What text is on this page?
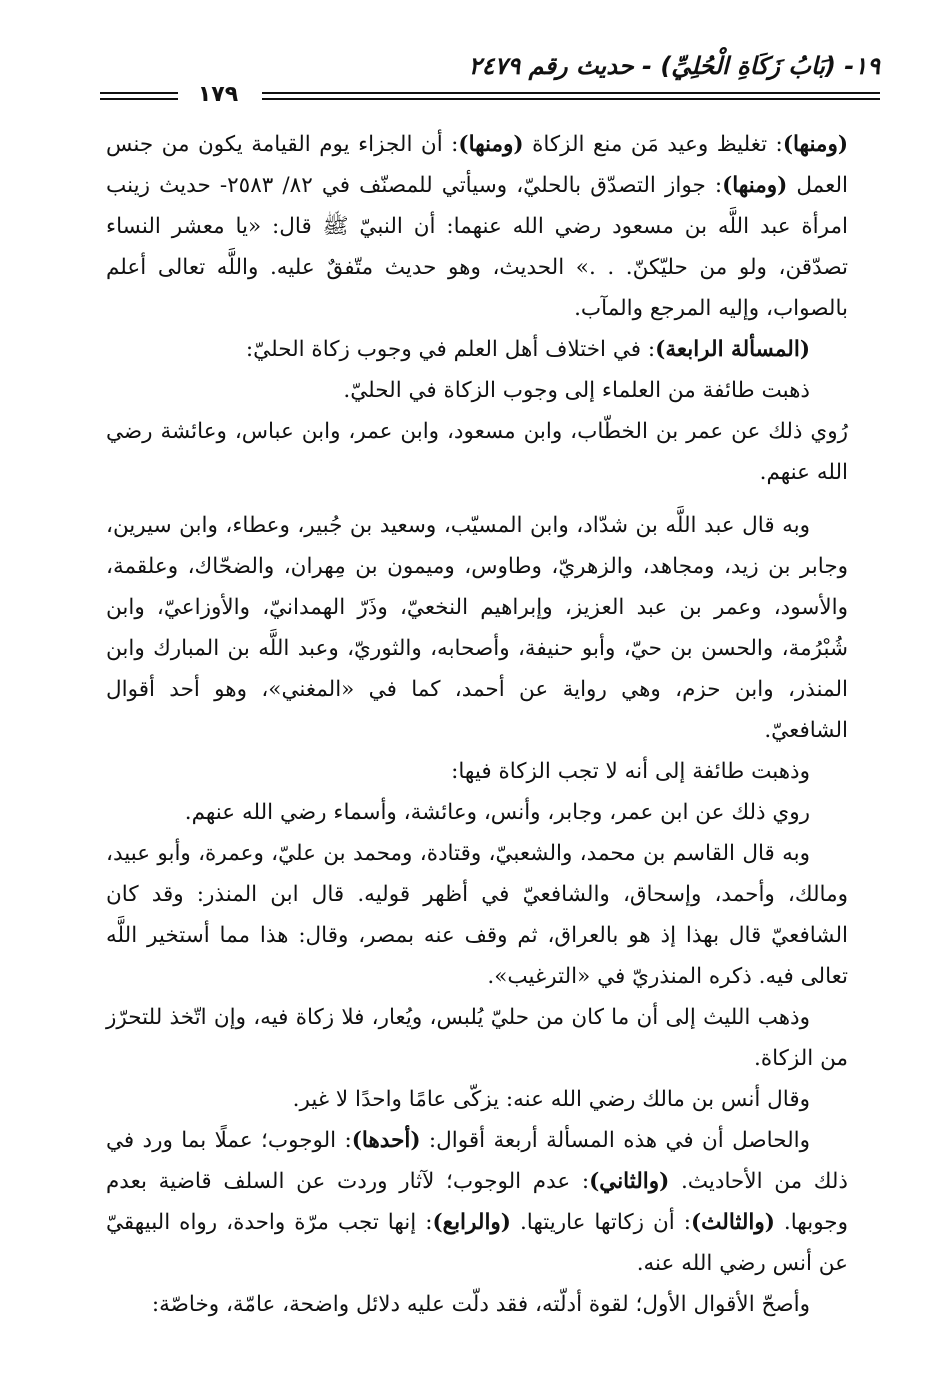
١٩- (بَابُ زَكَاةِ الْحُلِيِّ) - حديث رقم ٢٤٧٩
١٧٩

(ومنها): تغليظ وعيد مَن منع الزكاة (ومنها): أن الجزاء يوم القيامة يكون من جنس العمل (ومنها): جواز التصدّق بالحليّ، وسيأتي للمصنّف في ٨٢/ ٢٥٨٣- حديث زينب امرأة عبد اللَّه بن مسعود رضي الله عنهما: أن النبيّ ﷺ قال: «يا معشر النساء تصدّقن، ولو من حليّكنّ. . .» الحديث، وهو حديث متّفقٌ عليه. واللَّه تعالى أعلم بالصواب، وإليه المرجع والمآب.

(المسألة الرابعة): في اختلاف أهل العلم في وجوب زكاة الحليّ:

ذهبت طائفة من العلماء إلى وجوب الزكاة في الحليّ.

رُوي ذلك عن عمر بن الخطّاب، وابن مسعود، وابن عمر، وابن عباس، وعائشة رضي الله عنهم.

وبه قال عبد اللَّه بن شدّاد، وابن المسيّب، وسعيد بن جُبير، وعطاء، وابن سيرين، وجابر بن زيد، ومجاهد، والزهريّ، وطاوس، وميمون بن مِهران، والضحّاك، وعلقمة، والأسود، وعمر بن عبد العزيز، وإبراهيم النخعيّ، وذَرّ الهمدانيّ، والأوزاعيّ، وابن شُبْرُمة، والحسن بن حيّ، وأبو حنيفة، وأصحابه، والثوريّ، وعبد اللَّه بن المبارك وابن المنذر، وابن حزم، وهي رواية عن أحمد، كما في «المغني»، وهو أحد أقوال الشافعيّ.

وذهبت طائفة إلى أنه لا تجب الزكاة فيها:

روي ذلك عن ابن عمر، وجابر، وأنس، وعائشة، وأسماء رضي الله عنهم.

وبه قال القاسم بن محمد، والشعبيّ، وقتادة، ومحمد بن عليّ، وعمرة، وأبو عبيد، ومالك، وأحمد، وإسحاق، والشافعيّ في أظهر قوليه. قال ابن المنذر: وقد كان الشافعيّ قال بهذا إذ هو بالعراق، ثم وقف عنه بمصر، وقال: هذا مما أستخير اللَّه تعالى فيه. ذكره المنذريّ في «الترغيب».

وذهب الليث إلى أن ما كان من حليّ يُلبس، ويُعار، فلا زكاة فيه، وإن اتّخذ للتحرّز من الزكاة.

وقال أنس بن مالك رضي الله عنه: يزكّى عامًا واحدًا لا غير.

والحاصل أن في هذه المسألة أربعة أقوال: (أحدها): الوجوب؛ عملًا بما ورد في ذلك من الأحاديث. (والثاني): عدم الوجوب؛ لآثار وردت عن السلف قاضية بعدم وجوبها. (والثالث): أن زكاتها عاريتها. (والرابع): إنها تجب مرّة واحدة، رواه البيهقيّ عن أنس رضي الله عنه.

وأصحّ الأقوال الأول؛ لقوة أدلّته، فقد دلّت عليه دلائل واضحة، عامّة، وخاصّة:
